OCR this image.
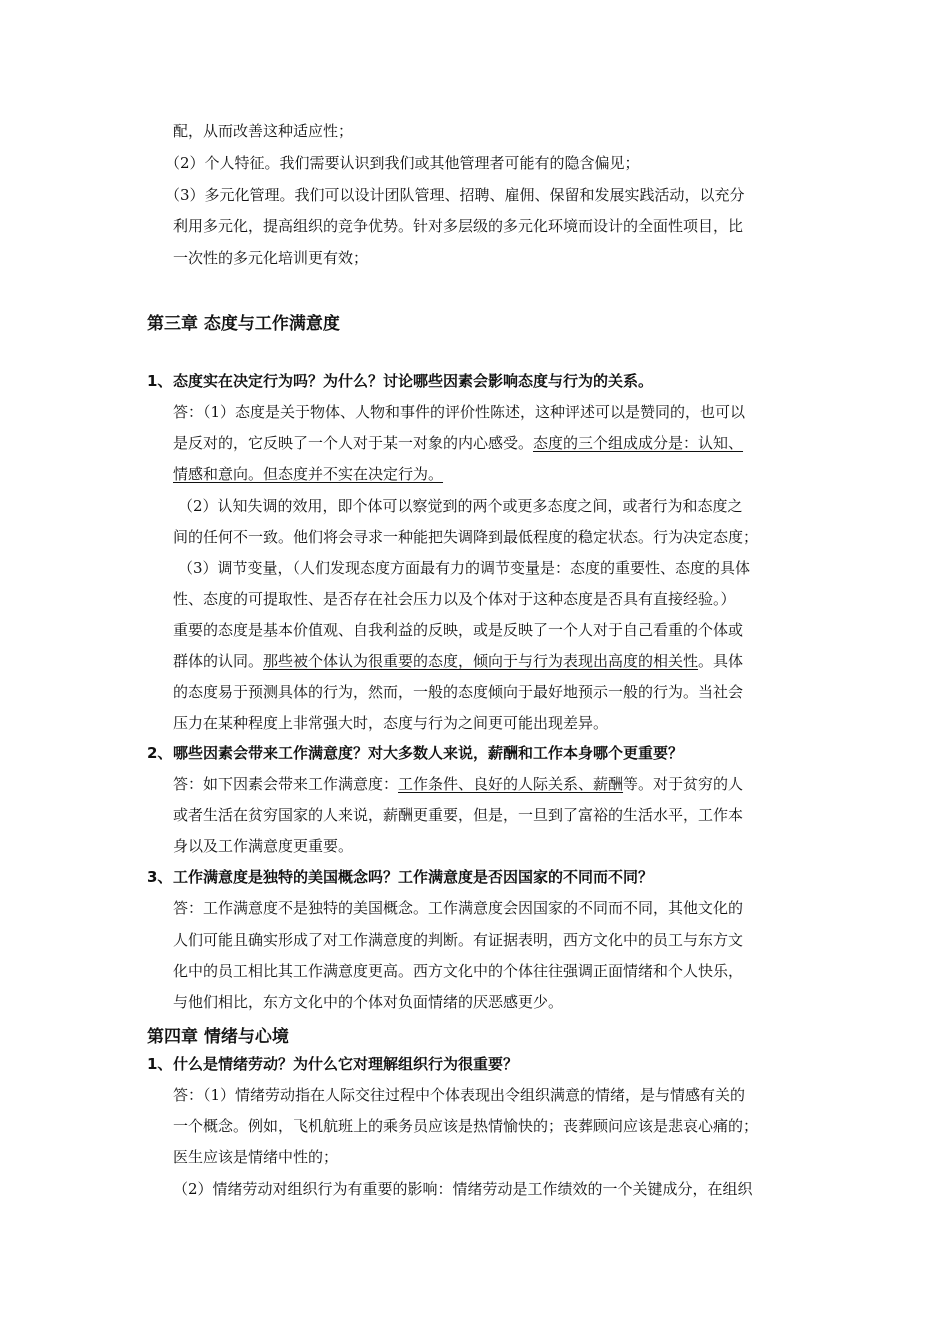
配，从而改善这种适应性；

（2）个人特征。我们需要认识到我们或其他管理者可能有的隐含偏见；

（3）多元化管理。我们可以设计团队管理、招聘、雇佣、保留和发展实践活动，以充分

利用多元化，提高组织的竞争优势。针对多层级的多元化环境而设计的全面性项目，比

一次性的多元化培训更有效；

第三章 态度与工作满意度

1、态度实在决定行为吗？为什么？讨论哪些因素会影响态度与行为的关系。

答：（1）态度是关于物体、人物和事件的评价性陈述，这种评述可以是赞同的，也可以

是反对的，它反映了一个人对于某一对象的内心感受。态度的三个组成成分是：认知、

情感和意向。但态度并不实在决定行为。

（2）认知失调的效用，即个体可以察觉到的两个或更多态度之间，或者行为和态度之

间的任何不一致。他们将会寻求一种能把失调降到最低程度的稳定状态。行为决定态度；

（3）调节变量，（人们发现态度方面最有力的调节变量是：态度的重要性、态度的具体

性、态度的可提取性、是否存在社会压力以及个体对于这种态度是否具有直接经验。）

重要的态度是基本价值观、自我利益的反映，或是反映了一个人对于自己看重的个体或

群体的认同。那些被个体认为很重要的态度，倾向于与行为表现出高度的相关性。具体

的态度易于预测具体的行为，然而，一般的态度倾向于最好地预示一般的行为。当社会

压力在某种程度上非常强大时，态度与行为之间更可能出现差异。

2、哪些因素会带来工作满意度？对大多数人来说，薪酬和工作本身哪个更重要？

答：如下因素会带来工作满意度：工作条件、良好的人际关系、薪酬等。对于贫穷的人

或者生活在贫穷国家的人来说，薪酬更重要，但是，一旦到了富裕的生活水平，工作本

身以及工作满意度更重要。

3、工作满意度是独特的美国概念吗？工作满意度是否因国家的不同而不同？

答：工作满意度不是独特的美国概念。工作满意度会因国家的不同而不同，其他文化的

人们可能且确实形成了对工作满意度的判断。有证据表明，西方文化中的员工与东方文

化中的员工相比其工作满意度更高。西方文化中的个体往往强调正面情绪和个人快乐，

与他们相比，东方文化中的个体对负面情绪的厌恶感更少。

第四章 情绪与心境

1、什么是情绪劳动？为什么它对理解组织行为很重要？

答：（1）情绪劳动指在人际交往过程中个体表现出令组织满意的情绪，是与情感有关的

一个概念。例如，飞机航班上的乘务员应该是热情愉快的；丧葬顾问应该是悲哀心痛的；

医生应该是情绪中性的；

（2）情绪劳动对组织行为有重要的影响：情绪劳动是工作绩效的一个关键成分，在组织
